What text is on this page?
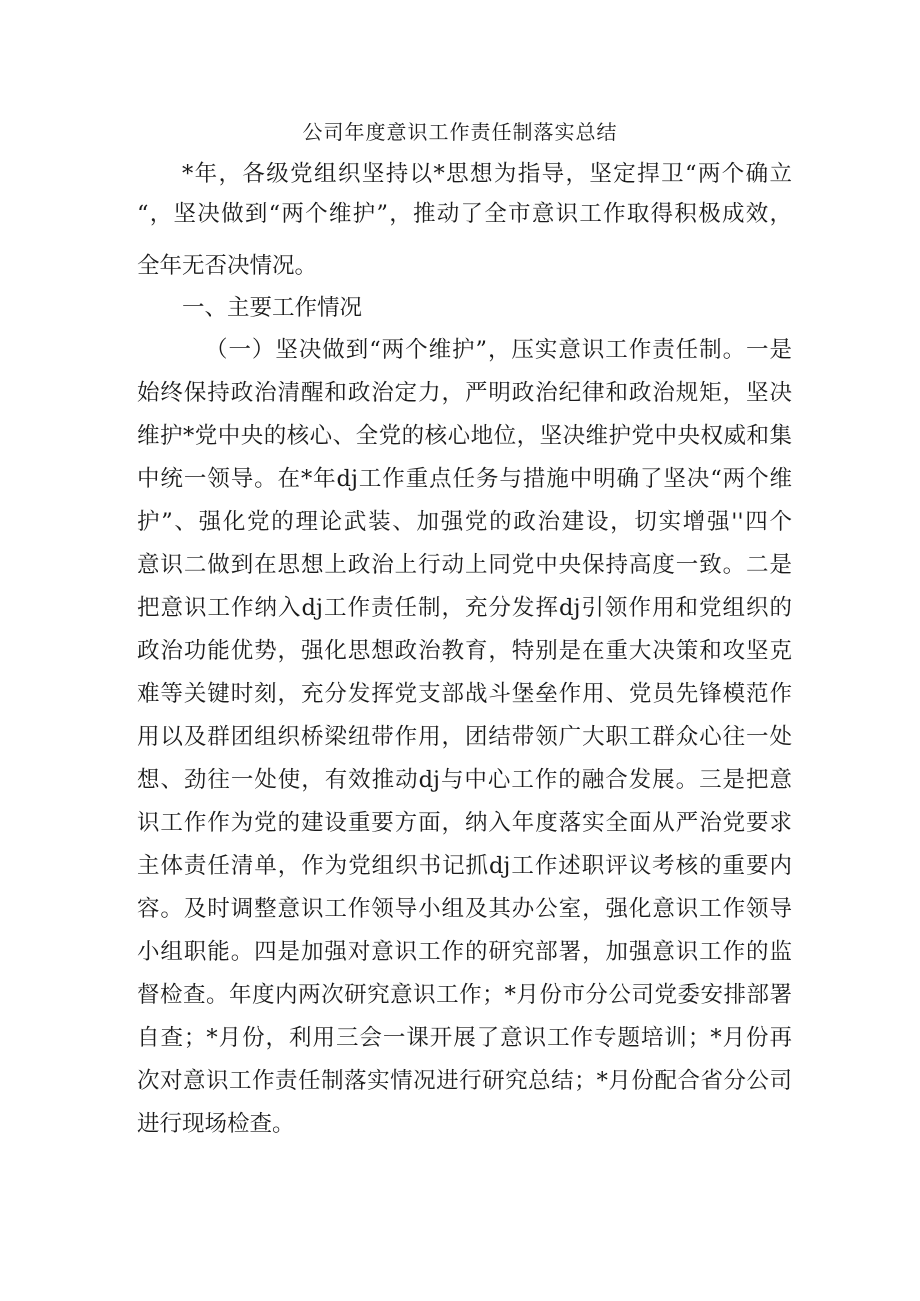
公司年度意识工作责任制落实总结
*年，各级党组织坚持以*思想为指导，坚定捍卫“两个确立
“，坚决做到“两个维护”，推动了全市意识工作取得积极成效，
全年无否决情况。
一、主要工作情况
（一）坚决做到“两个维护”，压实意识工作责任制。一是
始终保持政治清醒和政治定力，严明政治纪律和政治规矩，坚决
维护*党中央的核心、全党的核心地位，坚决维护党中央权威和集
中统一领导。在*年dj工作重点任务与措施中明确了坚决“两个维
护”、强化党的理论武装、加强党的政治建设，切实增强''四个
意识二做到在思想上政治上行动上同党中央保持高度一致。二是
把意识工作纳入dj工作责任制，充分发挥dj引领作用和党组织的
政治功能优势，强化思想政治教育，特别是在重大决策和攻坚克
难等关键时刻，充分发挥党支部战斗堡垒作用、党员先锋模范作
用以及群团组织桥梁纽带作用，团结带领广大职工群众心往一处
想、劲往一处使，有效推动dj与中心工作的融合发展。三是把意
识工作作为党的建设重要方面，纳入年度落实全面从严治党要求
主体责任清单，作为党组织书记抓dj工作述职评议考核的重要内
容。及时调整意识工作领导小组及其办公室，强化意识工作领导
小组职能。四是加强对意识工作的研究部署，加强意识工作的监
督检查。年度内两次研究意识工作；*月份市分公司党委安排部署
自查；*月份，利用三会一课开展了意识工作专题培训；*月份再
次对意识工作责任制落实情况进行研究总结；*月份配合省分公司
进行现场检查。
